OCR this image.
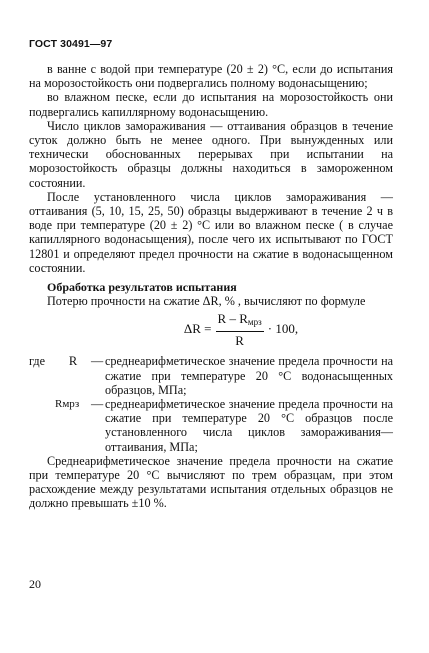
ГОСТ 30491—97

в ванне с водой при температуре (20 ± 2) °С, если до испытания на морозостойкость они подвергались полному водонасыщению;

во влажном песке, если до испытания на морозостойкость они подвергались капиллярному водонасыщению.

Число циклов замораживания — оттаивания образцов в течение суток должно быть не менее одного. При вынужденных или технически обоснованных перерывах при испытании на морозостойкость образцы должны находиться в замороженном состоянии.

После установленного числа циклов замораживания — оттаивания (5, 10, 15, 25, 50) образцы выдерживают в течение 2 ч в воде при температуре (20 ± 2) °С или во влажном песке ( в случае капиллярного водонасыщения), после чего их испытывают по ГОСТ 12801 и определяют предел прочности на сжатие в водонасыщенном состоянии.

Обработка результатов испытания

Потерю прочности на сжатие ΔR, % , вычисляют по формуле

$\Delta R = \frac{R - R_{мрз}}{R} \cdot 100$,
где	R	— среднеарифметическое значение предела прочности на сжатие при температуре 20 °С водонасыщенных образцов, МПа;
Rмрз — среднеарифметическое значение предела прочности на сжатие при температуре 20 °С образцов после установленного числа циклов замораживания—оттаивания, МПа;

Среднеарифметическое значение предела прочности на сжатие при температуре 20 °С вычисляют по трем образцам, при этом расхождение между результатами испытания отдельных образцов не должно превышать ±10 %.

20
